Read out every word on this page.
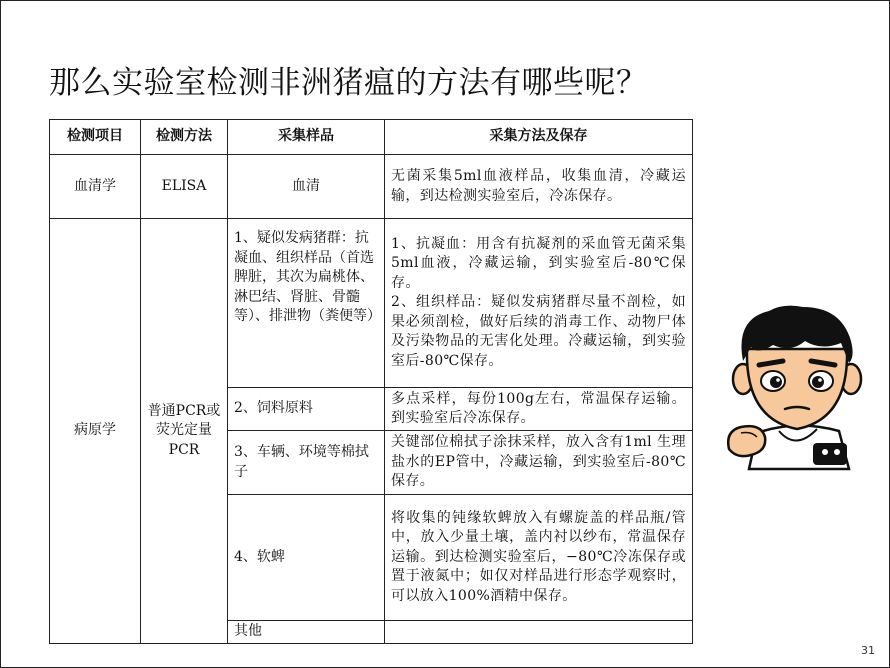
那么实验室检测非洲猪瘟的方法有哪些呢？
检测项目	检测方法	采集样品	采集方法及保存
血清学	ELISA	血清	无菌采集5ml血液样品，收集血清，冷藏运输，到达检测实验室后，冷冻保存。
病原学	普通PCR或荧光定量PCR	1、疑似发病猪群：抗凝血、组织样品（首选脾脏，其次为扁桃体、淋巴结、肾脏、骨髓等）、排泄物（粪便等）	1、抗凝血：用含有抗凝剂的采血管无菌采集5ml血液，冷藏运输，到实验室后-80℃保存。
2、组织样品：疑似发病猪群尽量不剖检，如果必须剖检，做好后续的消毒工作、动物尸体及污染物品的无害化处理。冷藏运输，到实验室后-80℃保存。
		2、饲料原料	多点采样，每份100g左右，常温保存运输。到实验室后冷冻保存。
		3、车辆、环境等棉拭子	关键部位棉拭子涂抹采样，放入含有1ml 生理盐水的EP管中，冷藏运输，到实验室后-80℃保存。
		4、软蜱	将收集的钝缘软蜱放入有螺旋盖的样品瓶/管中，放入少量土壤，盖内衬以纱布，常温保存运输。到达检测实验室后，−80℃冷冻保存或置于液氮中；如仅对样品进行形态学观察时，可以放入100%酒精中保存。
		其他	
31
